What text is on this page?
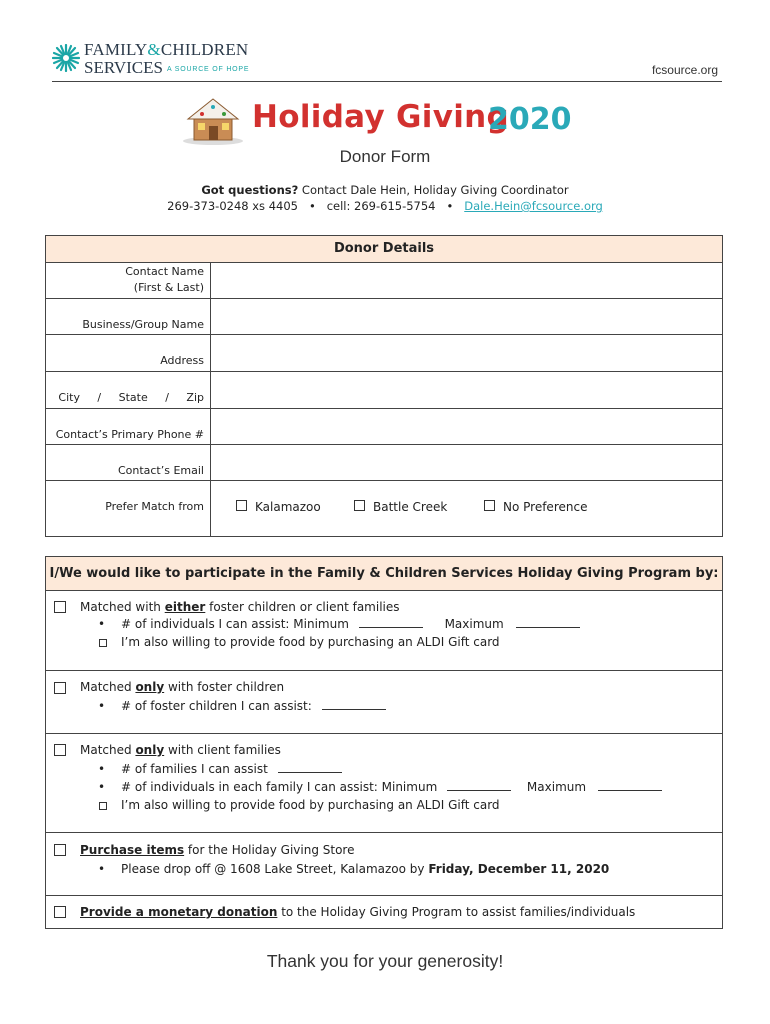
FAMILY&CHILDREN
SERVICES A SOURCE OF HOPE	fcsource.org
Holiday Giving
2020
Donor Form
Got questions? Contact Dale Hein, Holiday Giving Coordinator
269-373-0248 xs 4405 • cell: 269-615-5754 • Dale.Hein@fcsource.org
Donor Details
Contact Name
(First & Last)
Business/Group Name
Address
City     /     State     /     Zip
Contact’s Primary Phone #
Contact’s Email
Prefer Match from	Kalamazoo	Battle Creek	No Preference
I/We would like to participate in the Family & Children Services Holiday Giving Program by:
Matched with either foster children or client families
• # of individuals I can assist: Minimum	Maximum
I’m also willing to provide food by purchasing an ALDI Gift card
Matched only with foster children
• # of foster children I can assist:
Matched only with client families
• # of families I can assist
• # of individuals in each family I can assist: Minimum	Maximum
I’m also willing to provide food by purchasing an ALDI Gift card
Purchase items for the Holiday Giving Store
• Please drop off @ 1608 Lake Street, Kalamazoo by Friday, December 11, 2020
Provide a monetary donation to the Holiday Giving Program to assist families/individuals
Thank you for your generosity!
